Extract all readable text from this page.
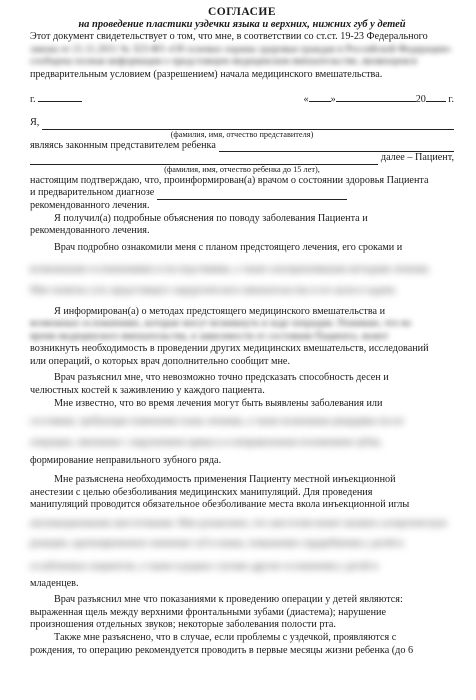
СОГЛАСИЕ
на проведение пластики уздечки языка и верхних, нижних губ у детей

Этот документ свидетельствует о том, что мне, в соответствии со ст.ст. 19-23 Федерального

закона от 21.11.2011 № 323-ФЗ «Об основах охраны здоровья граждан в Российской Федерации»

сообщена полная информация о предстоящем медицинском вмешательстве, являющемся

предварительным условием (разрешением) начала медицинского вмешательства.

г.	« »	20 г.
Я,
(фамилия, имя, отчество представителя)
являясь законным представителем ребенка
далее – Пациент,
(фамилия, имя, отчество ребенка до 15 лет),

настоящим подтверждаю, что, проинформирован(а) врачом о состоянии здоровья Пациента

и предварительном диагнозе

рекомендованного лечения.

Я получил(а) подробные объяснения по поводу заболевания Пациента и

рекомендованного лечения.

Врач подробно ознакомили меня с планом предстоящего лечения, его сроками и

возможными осложнениями и последствиями, а также альтернативными методами лечения.

Мне понятна суть предстоящего хирургического вмешательства и его цели и задачи.

Я информирован(а) о методах предстоящего медицинского вмешательства и

возможных осложнениях, которые могут возникнуть в ходе операции. Понимаю, что во

время медицинского вмешательства, в зависимости от состояния Пациента, может

возникнуть необходимость в проведении других медицинских вмешательств, исследований

или операций, о которых врач дополнительно сообщит мне.

Врач разъяснил мне, что невозможно точно предсказать способность десен и

челюстных костей к заживлению у каждого пациента.

Мне известно, что во время лечения могут быть выявлены заболевания или

состояния, требующие изменения плана лечения, а также возможные рецидивы после

операции, связанные с нарушением прикуса и неправильным положением зубов,

формирование неправильного зубного ряда.

Мне разъяснена необходимость применения Пациенту местной инъекционной

анестезии с целью обезболивания медицинских манипуляций. Для проведения

манипуляций проводится обязательное обезболивание места вкола инъекционной иглы

аппликационными анестетиками. Мне разъяснено, что анестезия может вызвать аллергическую

реакцию, кратковременное онемение губ и языка, повышение сердцебиения у детей и

ослабленных пациентов, а также в редких случаях другие осложнения у детей и

младенцев.

Врач разъяснил мне что показаниями к проведению операции у детей являются:

выраженная щель между верхними фронтальными зубами (диастема); нарушение

произношения отдельных звуков; некоторые заболевания полости рта.

Также мне разъяснено, что в случае, если проблемы с уздечкой, проявляются с

рождения, то операцию рекомендуется проводить в первые месяцы жизни ребенка (до 6
